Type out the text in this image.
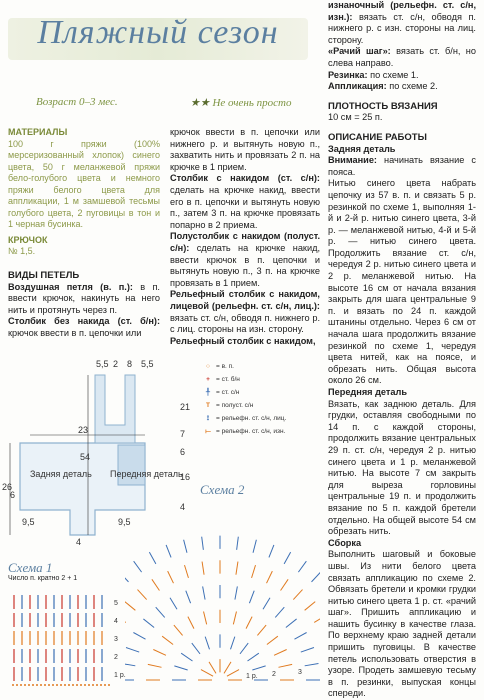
Пляжный сезон
Возраст 0–3 мес.	★★ Не очень просто

МАТЕРИАЛЫ

100 г пряжи (100% мерсеризованный хлопок) синего цвета, 50 г меланжевой пряжи бело-голубого цвета и немного пряжи белого цвета для аппликации, 1 м замшевой тесьмы голубого цвета, 2 пуговицы в тон и 1 черная бусинка.

КРЮЧОК

№ 1,5.

ВИДЫ ПЕТЕЛЬ

Воздушная петля (в. п.): в п. ввести крючок, накинуть на него нить и протянуть через п.

Столбик без накида (ст. б/н): крючок ввести в п. цепочки или

крючок ввести в п. цепочки или нижнего р. и вытянуть новую п., захватить нить и провязать 2 п. на крючке в 1 прием.

Столбик с накидом (ст. с/н): сделать на крючке накид, ввести его в п. цепочки и вытянуть новую п., затем 3 п. на крючке провязать попарно в 2 приема.

Полустолбик с накидом (полуст. с/н): сделать на крючке накид, ввести крючок в п. цепочки и вытянуть новую п., 3 п. на крючке провязать в 1 прием.

Рельефный столбик с накидом, лицевой (рельефн. ст. с/н, лиц.): вязать ст. с/н, обводя п. нижнего р. с лиц. стороны на изн. сторону.

Рельефный столбик с накидом,

изнаночный (рельефн. ст. с/н, изн.): вязать ст. с/н, обводя п. нижнего р. с изн. стороны на лиц. сторону.

«Рачий шаг»: вязать ст. б/н, но слева направо.

Резинка: по схеме 1.

Аппликация: по схеме 2.

ПЛОТНОСТЬ ВЯЗАНИЯ

10 см = 25 п.

ОПИСАНИЕ РАБОТЫ

Задняя деталь

Внимание: начинать вязание с пояса.

Нитью синего цвета набрать цепочку из 57 в. п. и связать 5 р. резинкой по схеме 1, выполняя 1-й и 2-й р. нитью синего цвета, 3-й р. — меланжевой нитью, 4-й и 5-й р. — нитью синего цвета. Продолжить вязание ст. с/н, чередуя 2 р. нитью синего цвета и 2 р. меланжевой нитью. На высоте 16 см от начала вязания закрыть для шага центральные 9 п. и вязать по 24 п. каждой штанины отдельно. Через 6 см от начала шага продолжить вязание резинкой по схеме 1, чередуя цвета нитей, как на поясе, и обрезать нить. Общая высота около 26 см.

Передняя деталь

Вязать, как заднюю деталь. Для грудки, оставляя свободными по 14 п. с каждой стороны, продолжить вязание центральных 29 п. ст. с/н, чередуя 2 р. нитью синего цвета и 1 р. меланжевой нитью. На высоте 7 см закрыть для выреза горловины центральные 19 п. и продолжить вязание по 5 п. каждой бретели отдельно. На общей высоте 54 см обрезать нить.

Сборка

Выполнить шаговый и боковые швы. Из нити белого цвета связать аппликацию по схеме 2. Обвязать бретели и кромки грудки нитью синего цвета 1 р. ст. «рачий шаг». Пришить аппликацию и нашить бусинку в качестве глаза. По верхнему краю задней детали пришить пуговицы. В качестве петель использовать отверстия в узоре. Продеть замшевую тесьму в п. резинки, выпуская концы спереди.

23
5,5 2 8 5,5
26
54
21
7
6
16
4
9,5
4
9,5
6
Задняя деталь Передняя деталь
○ = в. п.
+ = ст. б/н
╀ = ст. с/н
T = полуст. с/н
⟟ = рельефн. ст. с/н, лиц.
⟝ = рельефн. ст. с/н, изн.
Схема 1
Число п. кратно 2 + 1
5
4
3
2
1 р.
Схема 2
1 р. 2	3
